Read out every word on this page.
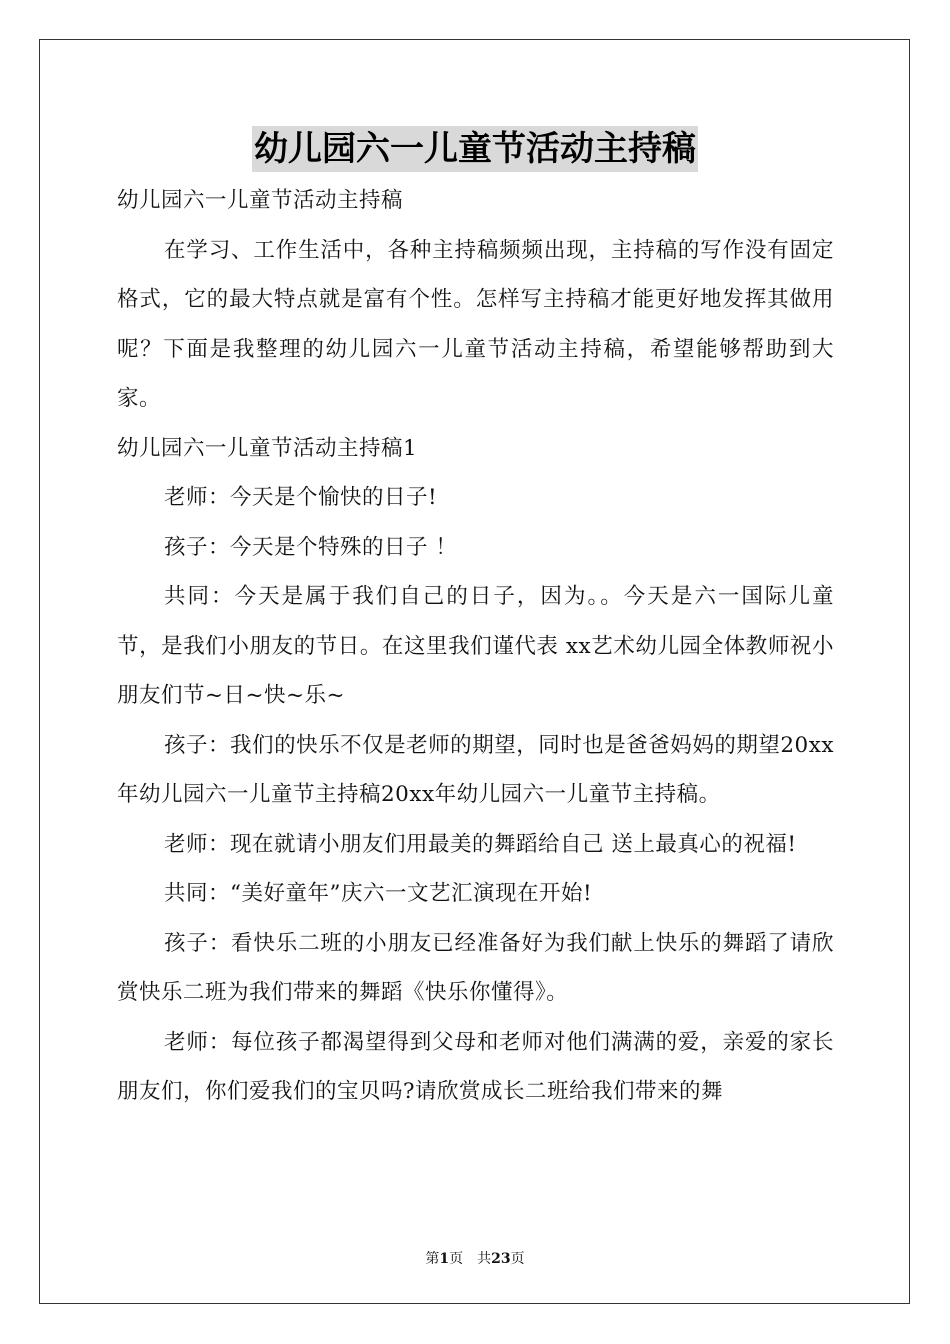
幼儿园六一儿童节活动主持稿

幼儿园六一儿童节活动主持稿

在学习、工作生活中，各种主持稿频频出现，主持稿的写作没有固定格式，它的最大特点就是富有个性。怎样写主持稿才能更好地发挥其做用呢？下面是我整理的幼儿园六一儿童节活动主持稿，希望能够帮助到大家。

幼儿园六一儿童节活动主持稿1

老师：今天是个愉快的日子!

孩子：今天是个特殊的日子 ！

共同：今天是属于我们自己的日子，因为。。今天是六一国际儿童节，是我们小朋友的节日。在这里我们谨代表 xx艺术幼儿园全体教师祝小朋友们节~日~快~乐~

孩子：我们的快乐不仅是老师的期望，同时也是爸爸妈妈的期望20xx年幼儿园六一儿童节主持稿20xx年幼儿园六一儿童节主持稿。

老师：现在就请小朋友们用最美的舞蹈给自己 送上最真心的祝福!

共同：“美好童年”庆六一文艺汇演现在开始!

孩子：看快乐二班的小朋友已经准备好为我们献上快乐的舞蹈了请欣赏快乐二班为我们带来的舞蹈《快乐你懂得》。

老师：每位孩子都渴望得到父母和老师对他们满满的爱，亲爱的家长朋友们，你们爱我们的宝贝吗?请欣赏成长二班给我们带来的舞

第1页 共23页
